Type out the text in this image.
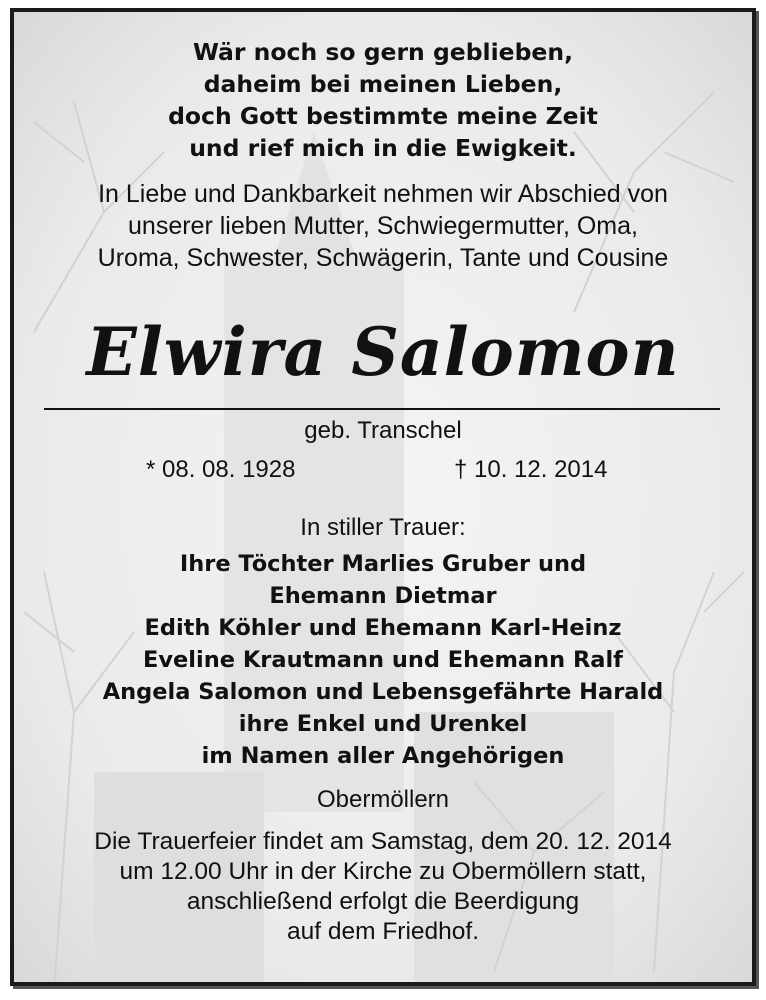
Wär noch so gern geblieben,
daheim bei meinen Lieben,
doch Gott bestimmte meine Zeit
und rief mich in die Ewigkeit.
In Liebe und Dankbarkeit nehmen wir Abschied von
unserer lieben Mutter, Schwiegermutter, Oma,
Uroma, Schwester, Schwägerin, Tante und Cousine
Elwira Salomon
geb. Transchel
* 08. 08. 1928	† 10. 12. 2014
In stiller Trauer:
Ihre Töchter Marlies Gruber und
Ehemann Dietmar
Edith Köhler und Ehemann Karl-Heinz
Eveline Krautmann und Ehemann Ralf
Angela Salomon und Lebensgefährte Harald
ihre Enkel und Urenkel
im Namen aller Angehörigen
Obermöllern
Die Trauerfeier findet am Samstag, dem 20. 12. 2014
um 12.00 Uhr in der Kirche zu Obermöllern statt,
anschließend erfolgt die Beerdigung
auf dem Friedhof.
